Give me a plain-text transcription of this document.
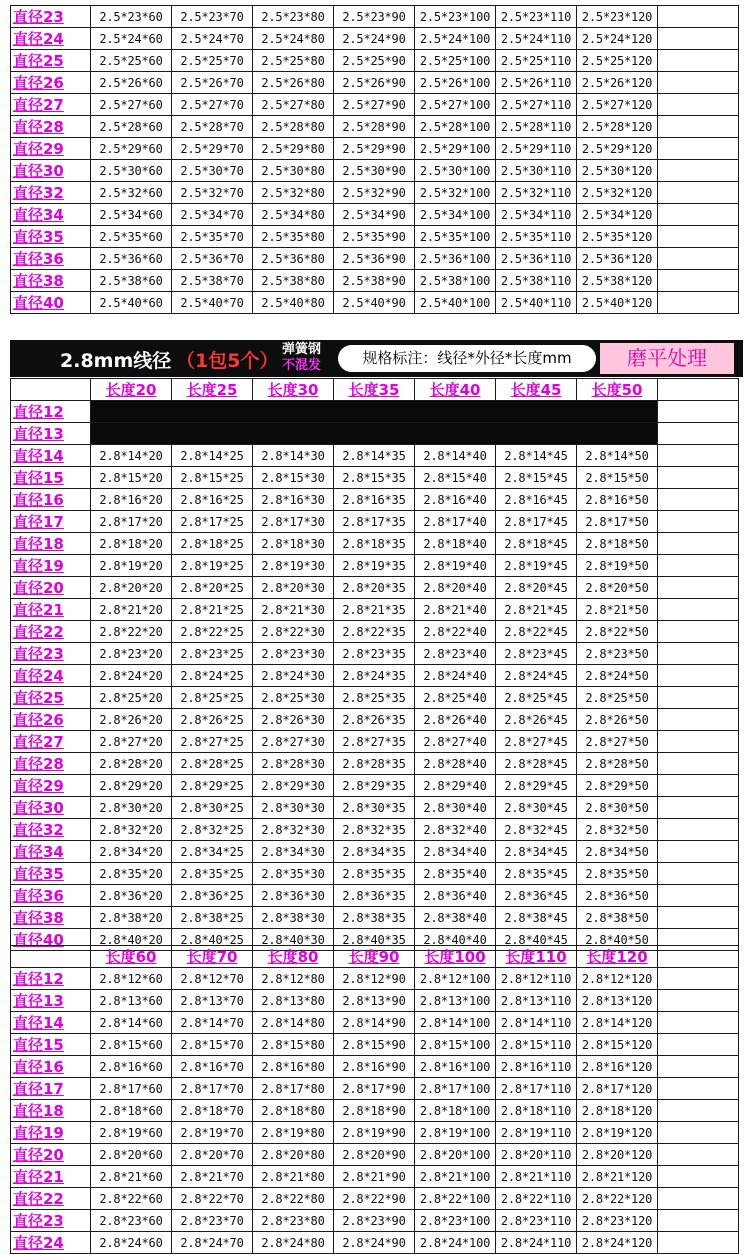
直径23	2.5*23*60	2.5*23*70	2.5*23*80	2.5*23*90	2.5*23*100	2.5*23*110	2.5*23*120	
直径24	2.5*24*60	2.5*24*70	2.5*24*80	2.5*24*90	2.5*24*100	2.5*24*110	2.5*24*120	
直径25	2.5*25*60	2.5*25*70	2.5*25*80	2.5*25*90	2.5*25*100	2.5*25*110	2.5*25*120	
直径26	2.5*26*60	2.5*26*70	2.5*26*80	2.5*26*90	2.5*26*100	2.5*26*110	2.5*26*120	
直径27	2.5*27*60	2.5*27*70	2.5*27*80	2.5*27*90	2.5*27*100	2.5*27*110	2.5*27*120	
直径28	2.5*28*60	2.5*28*70	2.5*28*80	2.5*28*90	2.5*28*100	2.5*28*110	2.5*28*120	
直径29	2.5*29*60	2.5*29*70	2.5*29*80	2.5*29*90	2.5*29*100	2.5*29*110	2.5*29*120	
直径30	2.5*30*60	2.5*30*70	2.5*30*80	2.5*30*90	2.5*30*100	2.5*30*110	2.5*30*120	
直径32	2.5*32*60	2.5*32*70	2.5*32*80	2.5*32*90	2.5*32*100	2.5*32*110	2.5*32*120	
直径34	2.5*34*60	2.5*34*70	2.5*34*80	2.5*34*90	2.5*34*100	2.5*34*110	2.5*34*120	
直径35	2.5*35*60	2.5*35*70	2.5*35*80	2.5*35*90	2.5*35*100	2.5*35*110	2.5*35*120	
直径36	2.5*36*60	2.5*36*70	2.5*36*80	2.5*36*90	2.5*36*100	2.5*36*110	2.5*36*120	
直径38	2.5*38*60	2.5*38*70	2.5*38*80	2.5*38*90	2.5*38*100	2.5*38*110	2.5*38*120	
直径40	2.5*40*60	2.5*40*70	2.5*40*80	2.5*40*90	2.5*40*100	2.5*40*110	2.5*40*120	
2.8mm线径 （1包5个）
弹簧钢
不混发	规格标注：线径*外径*长度mm	磨平处理
	长度20	长度25	长度30	长度35	长度40	长度45	长度50	
直径12								
直径13								
直径14	2.8*14*20	2.8*14*25	2.8*14*30	2.8*14*35	2.8*14*40	2.8*14*45	2.8*14*50	
直径15	2.8*15*20	2.8*15*25	2.8*15*30	2.8*15*35	2.8*15*40	2.8*15*45	2.8*15*50	
直径16	2.8*16*20	2.8*16*25	2.8*16*30	2.8*16*35	2.8*16*40	2.8*16*45	2.8*16*50	
直径17	2.8*17*20	2.8*17*25	2.8*17*30	2.8*17*35	2.8*17*40	2.8*17*45	2.8*17*50	
直径18	2.8*18*20	2.8*18*25	2.8*18*30	2.8*18*35	2.8*18*40	2.8*18*45	2.8*18*50	
直径19	2.8*19*20	2.8*19*25	2.8*19*30	2.8*19*35	2.8*19*40	2.8*19*45	2.8*19*50	
直径20	2.8*20*20	2.8*20*25	2.8*20*30	2.8*20*35	2.8*20*40	2.8*20*45	2.8*20*50	
直径21	2.8*21*20	2.8*21*25	2.8*21*30	2.8*21*35	2.8*21*40	2.8*21*45	2.8*21*50	
直径22	2.8*22*20	2.8*22*25	2.8*22*30	2.8*22*35	2.8*22*40	2.8*22*45	2.8*22*50	
直径23	2.8*23*20	2.8*23*25	2.8*23*30	2.8*23*35	2.8*23*40	2.8*23*45	2.8*23*50	
直径24	2.8*24*20	2.8*24*25	2.8*24*30	2.8*24*35	2.8*24*40	2.8*24*45	2.8*24*50	
直径25	2.8*25*20	2.8*25*25	2.8*25*30	2.8*25*35	2.8*25*40	2.8*25*45	2.8*25*50	
直径26	2.8*26*20	2.8*26*25	2.8*26*30	2.8*26*35	2.8*26*40	2.8*26*45	2.8*26*50	
直径27	2.8*27*20	2.8*27*25	2.8*27*30	2.8*27*35	2.8*27*40	2.8*27*45	2.8*27*50	
直径28	2.8*28*20	2.8*28*25	2.8*28*30	2.8*28*35	2.8*28*40	2.8*28*45	2.8*28*50	
直径29	2.8*29*20	2.8*29*25	2.8*29*30	2.8*29*35	2.8*29*40	2.8*29*45	2.8*29*50	
直径30	2.8*30*20	2.8*30*25	2.8*30*30	2.8*30*35	2.8*30*40	2.8*30*45	2.8*30*50	
直径32	2.8*32*20	2.8*32*25	2.8*32*30	2.8*32*35	2.8*32*40	2.8*32*45	2.8*32*50	
直径34	2.8*34*20	2.8*34*25	2.8*34*30	2.8*34*35	2.8*34*40	2.8*34*45	2.8*34*50	
直径35	2.8*35*20	2.8*35*25	2.8*35*30	2.8*35*35	2.8*35*40	2.8*35*45	2.8*35*50	
直径36	2.8*36*20	2.8*36*25	2.8*36*30	2.8*36*35	2.8*36*40	2.8*36*45	2.8*36*50	
直径38	2.8*38*20	2.8*38*25	2.8*38*30	2.8*38*35	2.8*38*40	2.8*38*45	2.8*38*50	
直径40	2.8*40*20	2.8*40*25	2.8*40*30	2.8*40*35	2.8*40*40	2.8*40*45	2.8*40*50	
	长度60	长度70	长度80	长度90	长度100	长度110	长度120	
直径12	2.8*12*60	2.8*12*70	2.8*12*80	2.8*12*90	2.8*12*100	2.8*12*110	2.8*12*120	
直径13	2.8*13*60	2.8*13*70	2.8*13*80	2.8*13*90	2.8*13*100	2.8*13*110	2.8*13*120	
直径14	2.8*14*60	2.8*14*70	2.8*14*80	2.8*14*90	2.8*14*100	2.8*14*110	2.8*14*120	
直径15	2.8*15*60	2.8*15*70	2.8*15*80	2.8*15*90	2.8*15*100	2.8*15*110	2.8*15*120	
直径16	2.8*16*60	2.8*16*70	2.8*16*80	2.8*16*90	2.8*16*100	2.8*16*110	2.8*16*120	
直径17	2.8*17*60	2.8*17*70	2.8*17*80	2.8*17*90	2.8*17*100	2.8*17*110	2.8*17*120	
直径18	2.8*18*60	2.8*18*70	2.8*18*80	2.8*18*90	2.8*18*100	2.8*18*110	2.8*18*120	
直径19	2.8*19*60	2.8*19*70	2.8*19*80	2.8*19*90	2.8*19*100	2.8*19*110	2.8*19*120	
直径20	2.8*20*60	2.8*20*70	2.8*20*80	2.8*20*90	2.8*20*100	2.8*20*110	2.8*20*120	
直径21	2.8*21*60	2.8*21*70	2.8*21*80	2.8*21*90	2.8*21*100	2.8*21*110	2.8*21*120	
直径22	2.8*22*60	2.8*22*70	2.8*22*80	2.8*22*90	2.8*22*100	2.8*22*110	2.8*22*120	
直径23	2.8*23*60	2.8*23*70	2.8*23*80	2.8*23*90	2.8*23*100	2.8*23*110	2.8*23*120	
直径24	2.8*24*60	2.8*24*70	2.8*24*80	2.8*24*90	2.8*24*100	2.8*24*110	2.8*24*120	
